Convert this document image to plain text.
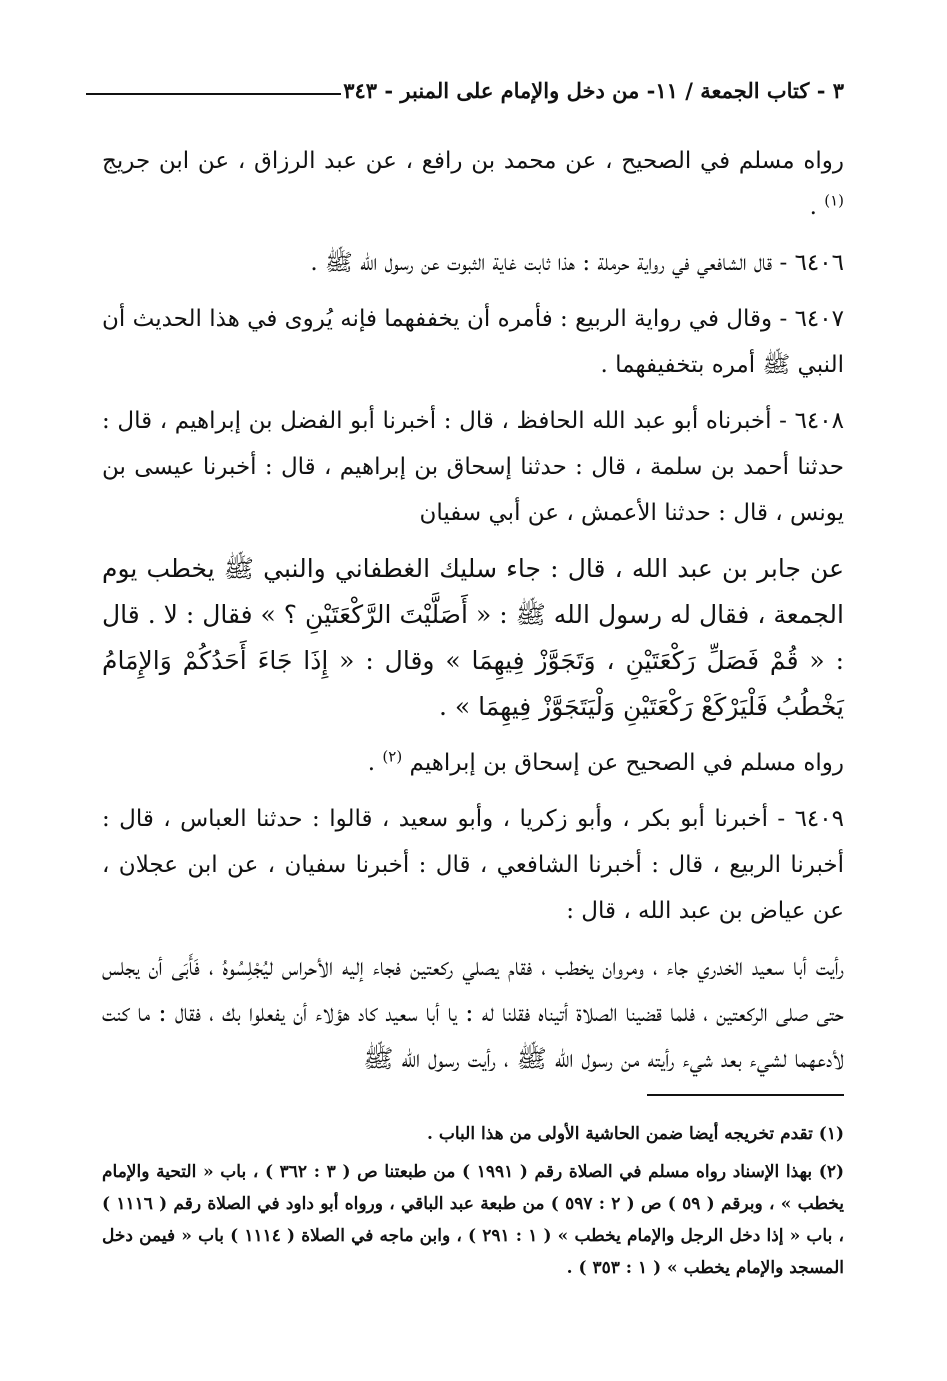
٣ - كتاب الجمعة / ١١- من دخل والإمام على المنبر - ٣٤٣

رواه مسلم في الصحيح ، عن محمد بن رافع ، عن عبد الرزاق ، عن ابن جريج $^{(١)}$ .

٦٤٠٦ - قال الشافعي في رواية حرملة : هذا ثابت غاية الثبوت عن رسول الله ﷺ .

٦٤٠٧ - وقال في رواية الربيع : فأمره أن يخففهما فإنه يُروى في هذا الحديث أن النبي ﷺ أمره بتخفيفهما .

٦٤٠٨ - أخبرناه أبو عبد الله الحافظ ، قال : أخبرنا أبو الفضل بن إبراهيم ، قال : حدثنا أحمد بن سلمة ، قال : حدثنا إسحاق بن إبراهيم ، قال : أخبرنا عيسى بن يونس ، قال : حدثنا الأعمش ، عن أبي سفيان

عن جابر بن عبد الله ، قال : جاء سليك الغطفاني والنبي ﷺ يخطب يوم الجمعة ، فقال له رسول الله ﷺ : « أَصَلَّيْتَ الرَّكْعَتَيْنِ ؟ » فقال : لا . قال : « قُمْ فَصَلِّ رَكْعَتَيْنِ ، وَتَجَوَّزْ فِيهِمَا » وقال : « إِذَا جَاءَ أَحَدُكُمْ وَالإِمَامُ يَخْطُبُ فَلْيَرْكَعْ رَكْعَتَيْنِ وَلْيَتَجَوَّزْ فِيهِمَا » .

رواه مسلم في الصحيح عن إسحاق بن إبراهيم $^{(٢)}$ .

٦٤٠٩ - أخبرنا أبو بكر ، وأبو زكريا ، وأبو سعيد ، قالوا : حدثنا العباس ، قال : أخبرنا الربيع ، قال : أخبرنا الشافعي ، قال : أخبرنا سفيان ، عن ابن عجلان ، عن عياض بن عبد الله ، قال :

رأيت أبا سعيد الخدري جاء ، ومروان يخطب ، فقام يصلي ركعتين فجاء إليه الأحراس ليُجْلِسُوهُ ، فَأَبَى أن يجلس حتى صلى الركعتين ، فلما قضينا الصلاة أتيناه فقلنا له : يا أبا سعيد كاد هؤلاء أن يفعلوا بك ، فقال : ما كنت لأدعهما لشيء بعد شيء رأيته من رسول الله ﷺ ، رأيت رسول الله ﷺ

(١) تقدم تخريجه أيضا ضمن الحاشية الأولى من هذا الباب .

(٢) بهذا الإسناد رواه مسلم في الصلاة رقم ( ١٩٩١ ) من طبعتنا ص ( ٣ : ٣٦٢ ) ، باب « التحية والإمام يخطب » ، وبرقم ( ٥٩ ) ص ( ٢ : ٥٩٧ ) من طبعة عبد الباقي ، ورواه أبو داود في الصلاة رقم ( ١١١٦ ) ، باب « إذا دخل الرجل والإمام يخطب » ( ١ : ٢٩١ ) ، وابن ماجه في الصلاة ( ١١١٤ ) باب « فيمن دخل المسجد والإمام يخطب » ( ١ : ٣٥٣ ) .
